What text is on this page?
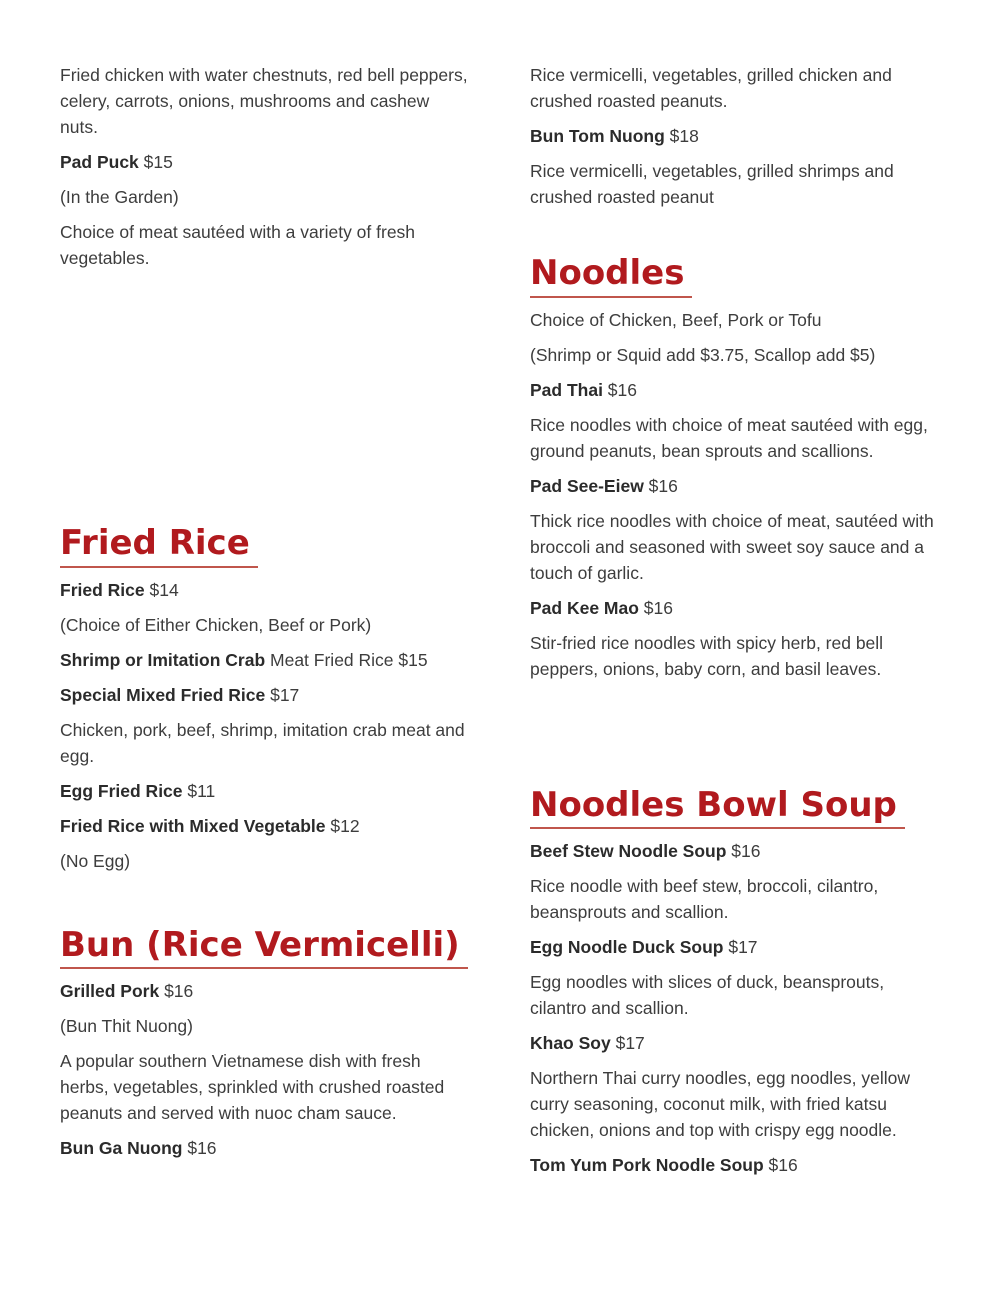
Fried chicken with water chestnuts, red bell peppers, celery, carrots, onions, mushrooms and cashew nuts.

Pad Puck $15

(In the Garden)

Choice of meat sautéed with a variety of fresh vegetables.

Fried Rice

Fried Rice $14

(Choice of Either Chicken, Beef or Pork)

Shrimp or Imitation Crab Meat Fried Rice $15

Special Mixed Fried Rice $17

Chicken, pork, beef, shrimp, imitation crab meat and egg.

Egg Fried Rice $11

Fried Rice with Mixed Vegetable $12

(No Egg)

Bun (Rice Vermicelli)

Grilled Pork $16

(Bun Thit Nuong)

A popular southern Vietnamese dish with fresh herbs, vegetables, sprinkled with crushed roasted peanuts and served with nuoc cham sauce.

Bun Ga Nuong $16

Rice vermicelli, vegetables, grilled chicken and crushed roasted peanuts.

Bun Tom Nuong $18

Rice vermicelli, vegetables, grilled shrimps and crushed roasted peanut

Noodles

Choice of Chicken, Beef, Pork or Tofu

(Shrimp or Squid add $3.75, Scallop add $5)

Pad Thai $16

Rice noodles with choice of meat sautéed with egg, ground peanuts, bean sprouts and scallions.

Pad See-Eiew $16

Thick rice noodles with choice of meat, sautéed with broccoli and seasoned with sweet soy sauce and a touch of garlic.

Pad Kee Mao $16

Stir-fried rice noodles with spicy herb, red bell peppers, onions, baby corn, and basil leaves.

Noodles Bowl Soup

Beef Stew Noodle Soup $16

Rice noodle with beef stew, broccoli, cilantro, beansprouts and scallion.

Egg Noodle Duck Soup $17

Egg noodles with slices of duck, beansprouts, cilantro and scallion.

Khao Soy $17

Northern Thai curry noodles, egg noodles, yellow curry seasoning, coconut milk, with fried katsu chicken, onions and top with crispy egg noodle.

Tom Yum Pork Noodle Soup $16
